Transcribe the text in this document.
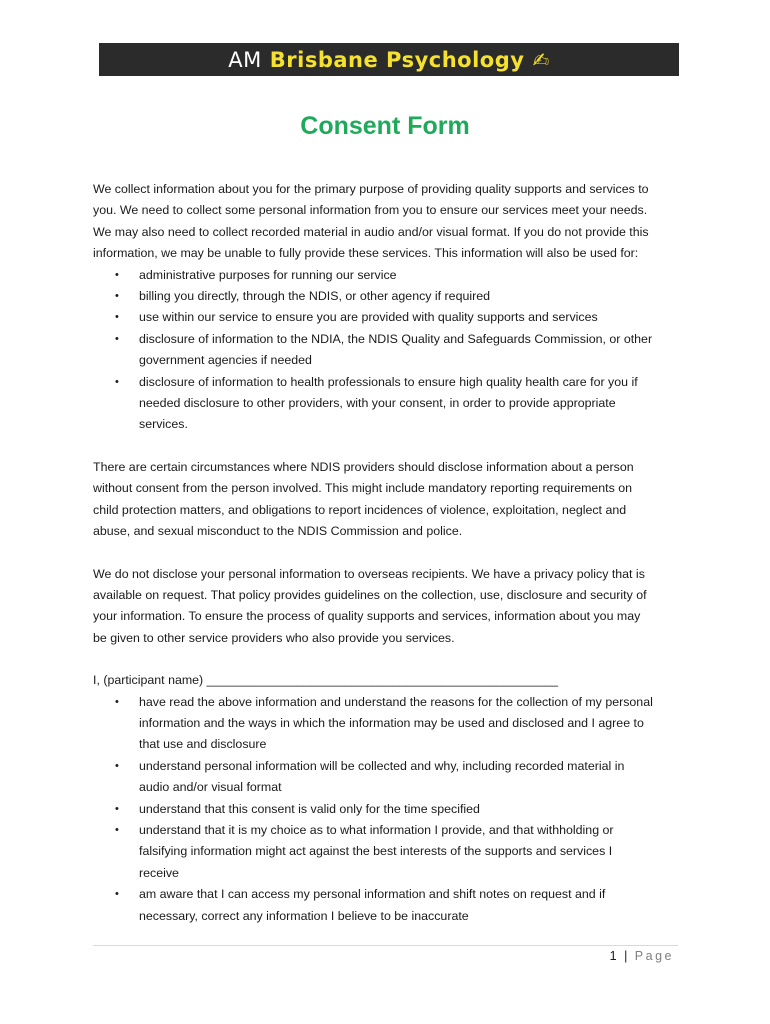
AM Brisbane Psychology ✍
Consent Form
We collect information about you for the primary purpose of providing quality supports and services to
you. We need to collect some personal information from you to ensure our services meet your needs.
We may also need to collect recorded material in audio and/or visual format. If you do not provide this
information, we may be unable to fully provide these services. This information will also be used for:
• administrative purposes for running our service
• billing you directly, through the NDIS, or other agency if required
• use within our service to ensure you are provided with quality supports and services
• disclosure of information to the NDIA, the NDIS Quality and Safeguards Commission, or other
government agencies if needed
• disclosure of information to health professionals to ensure high quality health care for you if
needed disclosure to other providers, with your consent, in order to provide appropriate
services.
There are certain circumstances where NDIS providers should disclose information about a person
without consent from the person involved. This might include mandatory reporting requirements on
child protection matters, and obligations to report incidences of violence, exploitation, neglect and
abuse, and sexual misconduct to the NDIS Commission and police.
We do not disclose your personal information to overseas recipients. We have a privacy policy that is
available on request. That policy provides guidelines on the collection, use, disclosure and security of
your information. To ensure the process of quality supports and services, information about you may
be given to other service providers who also provide you services.
I, (participant name) ___________________________________________________
• have read the above information and understand the reasons for the collection of my personal
information and the ways in which the information may be used and disclosed and I agree to
that use and disclosure
• understand personal information will be collected and why, including recorded material in
audio and/or visual format
• understand that this consent is valid only for the time specified
• understand that it is my choice as to what information I provide, and that withholding or
falsifying information might act against the best interests of the supports and services I
receive
• am aware that I can access my personal information and shift notes on request and if
necessary, correct any information I believe to be inaccurate
1 | Page
